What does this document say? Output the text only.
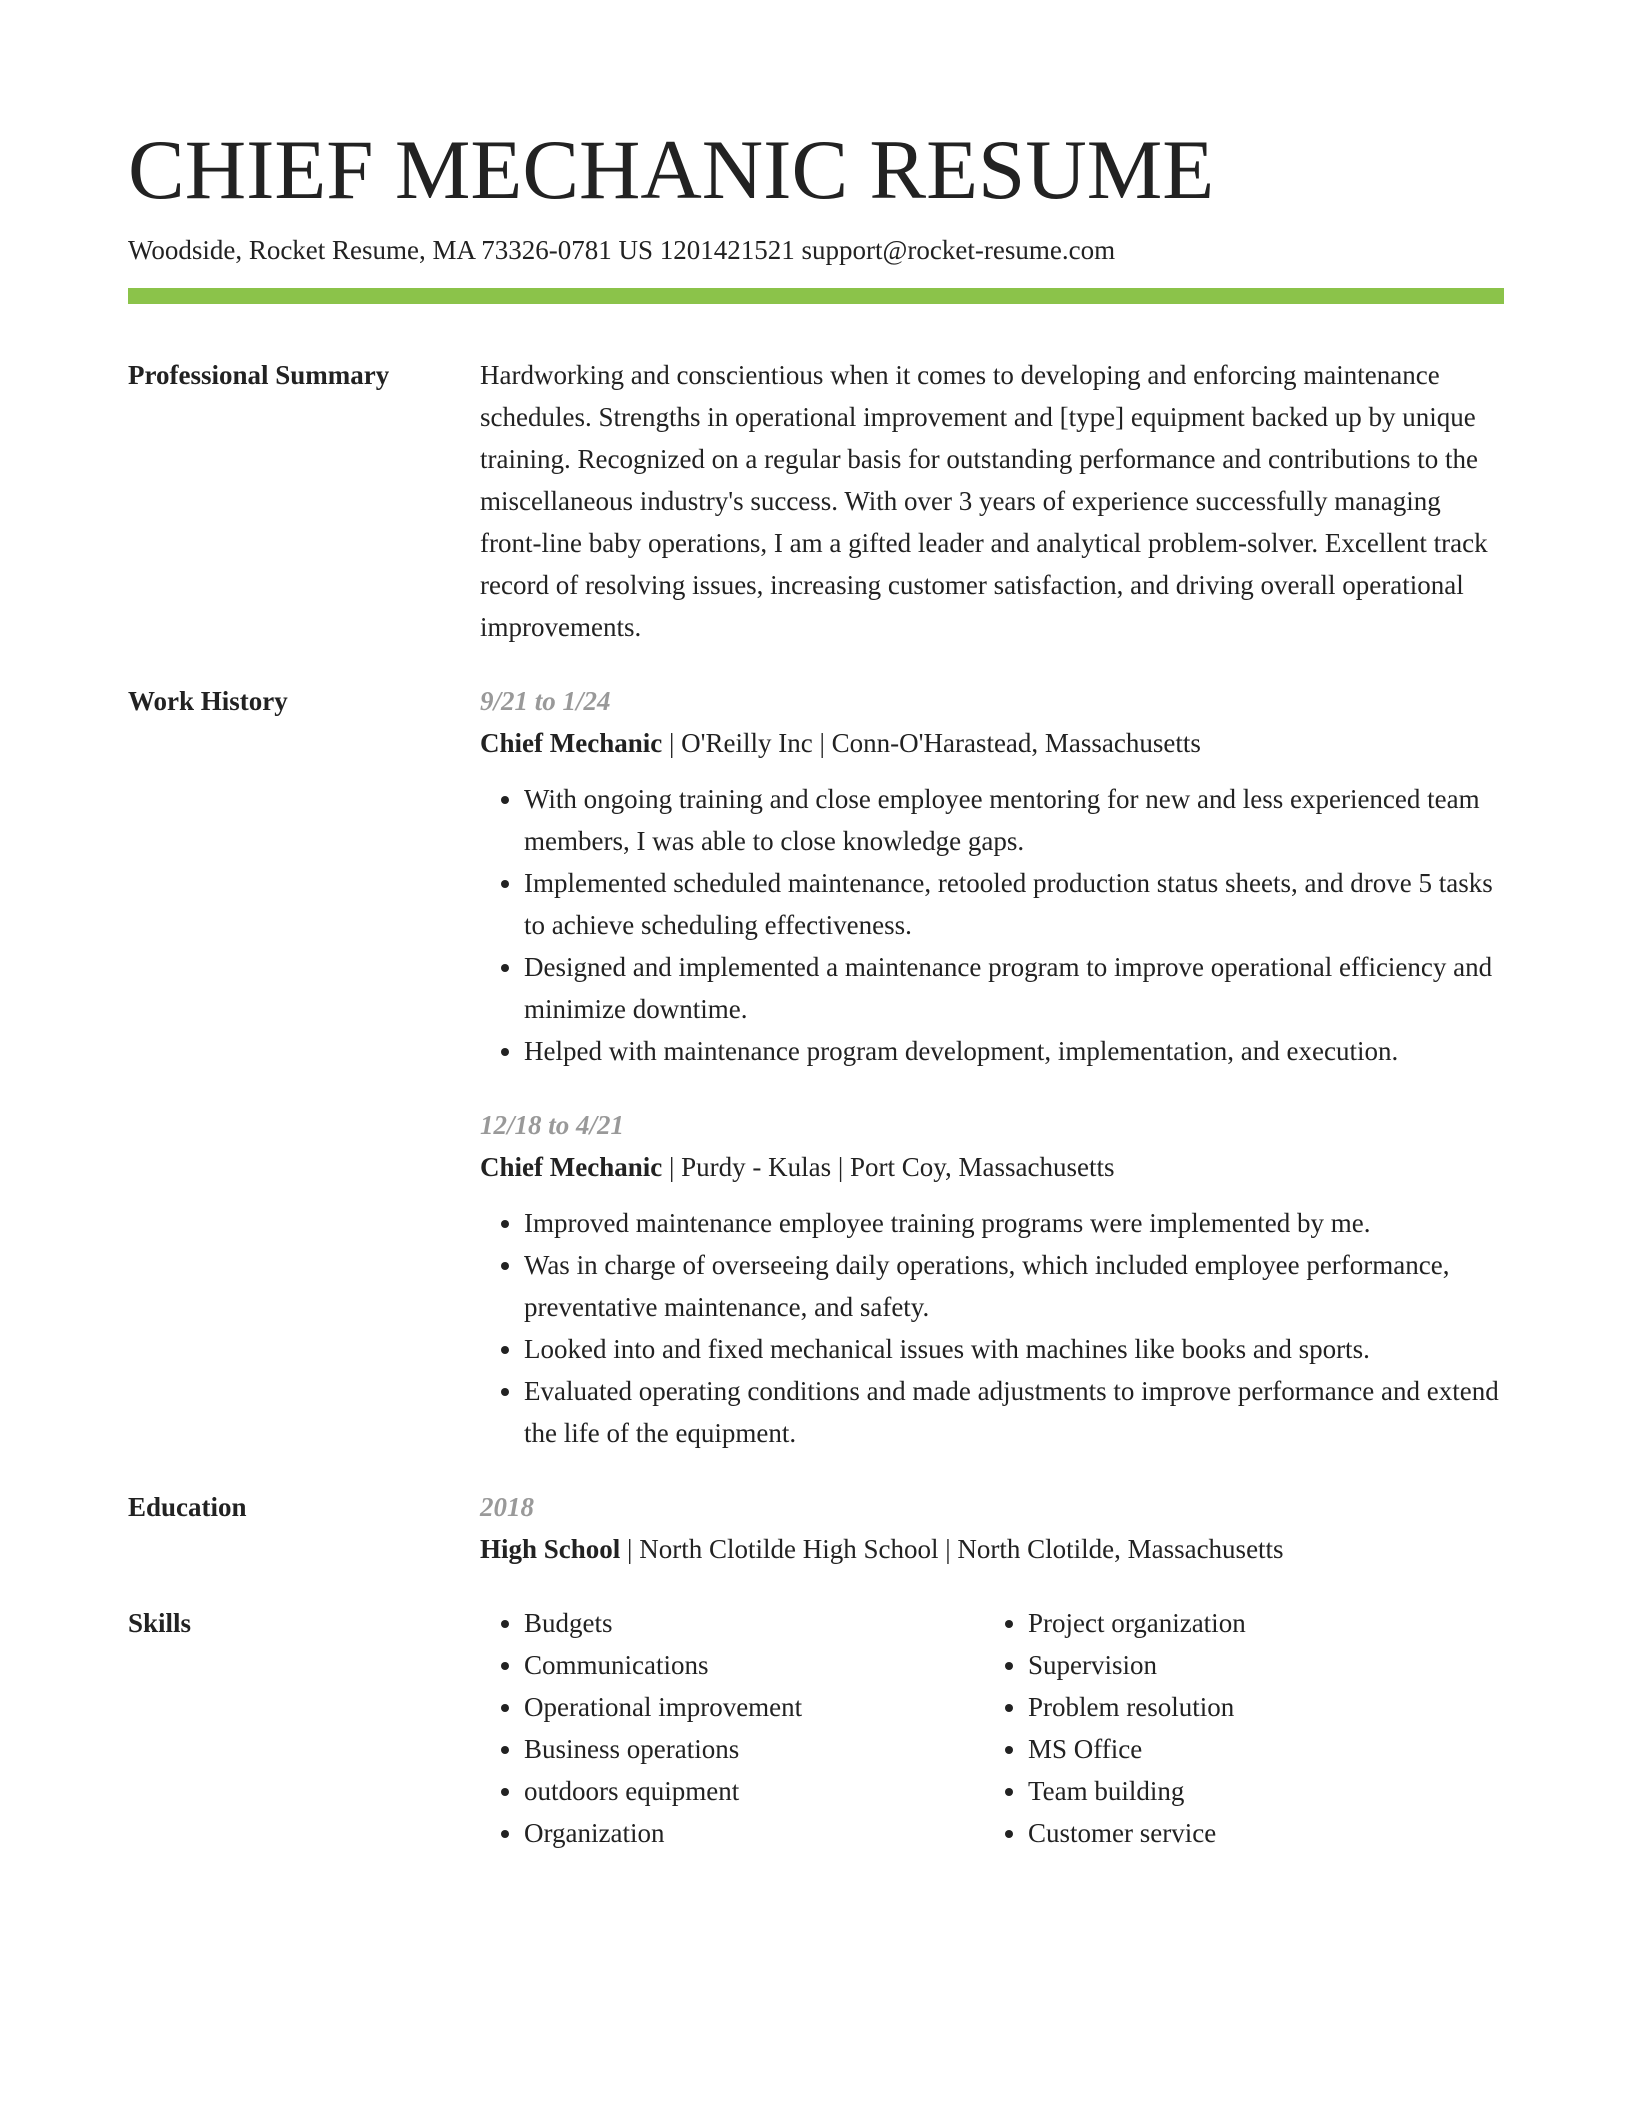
CHIEF MECHANIC RESUME
Woodside, Rocket Resume, MA 73326-0781 US 1201421521 support@rocket-resume.com
Professional Summary	Hardworking and conscientious when it comes to developing and enforcing maintenance schedules. Strengths in operational improvement and [type] equipment backed up by unique training. Recognized on a regular basis for outstanding performance and contributions to the miscellaneous industry's success. With over 3 years of experience successfully managing front-line baby operations, I am a gifted leader and analytical problem-solver. Excellent track record of resolving issues, increasing customer satisfaction, and driving overall operational improvements.
Work History	9/21 to 1/24
Chief Mechanic | O'Reilly Inc | Conn-O'Harastead, Massachusetts
• With ongoing training and close employee mentoring for new and less experienced team members, I was able to close knowledge gaps.
• Implemented scheduled maintenance, retooled production status sheets, and drove 5 tasks to achieve scheduling effectiveness.
• Designed and implemented a maintenance program to improve operational efficiency and minimize downtime.
• Helped with maintenance program development, implementation, and execution.
12/18 to 4/21
Chief Mechanic | Purdy - Kulas | Port Coy, Massachusetts
• Improved maintenance employee training programs were implemented by me.
• Was in charge of overseeing daily operations, which included employee performance, preventative maintenance, and safety.
• Looked into and fixed mechanical issues with machines like books and sports.
• Evaluated operating conditions and made adjustments to improve performance and extend the life of the equipment.
Education	2018
High School | North Clotilde High School | North Clotilde, Massachusetts
Skills
•	Budgets
• Communications
• Operational improvement
• Business operations
• outdoors equipment
• Organization
• Project organization
• Supervision
• Problem resolution
• MS Office
• Team building
• Customer service
